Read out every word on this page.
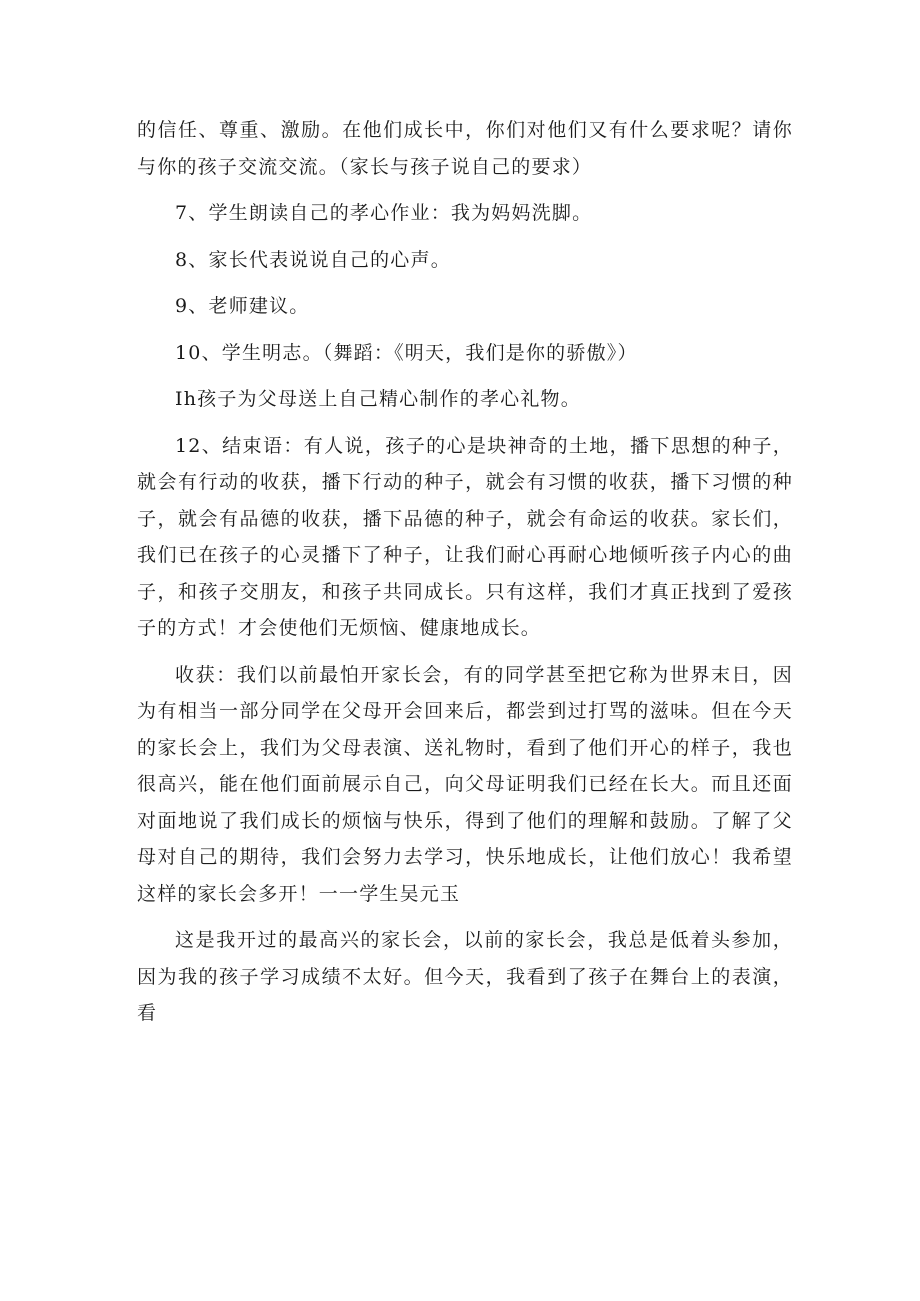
的信任、尊重、激励。在他们成长中，你们对他们又有什么要求呢？请你与你的孩子交流交流。（家长与孩子说自己的要求）

7、学生朗读自己的孝心作业：我为妈妈洗脚。

8、家长代表说说自己的心声。

9、老师建议。

10、学生明志。（舞蹈：《明天，我们是你的骄傲》）

Ih孩子为父母送上自己精心制作的孝心礼物。

12、结束语：有人说，孩子的心是块神奇的土地，播下思想的种子，就会有行动的收获，播下行动的种子，就会有习惯的收获，播下习惯的种子，就会有品德的收获，播下品德的种子，就会有命运的收获。家长们，我们已在孩子的心灵播下了种子，让我们耐心再耐心地倾听孩子内心的曲子，和孩子交朋友，和孩子共同成长。只有这样，我们才真正找到了爱孩子的方式！才会使他们无烦恼、健康地成长。

收获：我们以前最怕开家长会，有的同学甚至把它称为世界末日，因为有相当一部分同学在父母开会回来后，都尝到过打骂的滋味。但在今天的家长会上，我们为父母表演、送礼物时，看到了他们开心的样子，我也很高兴，能在他们面前展示自己，向父母证明我们已经在长大。而且还面对面地说了我们成长的烦恼与快乐，得到了他们的理解和鼓励。了解了父母对自己的期待，我们会努力去学习，快乐地成长，让他们放心！我希望这样的家长会多开！一一学生吴元玉

这是我开过的最高兴的家长会，以前的家长会，我总是低着头参加，因为我的孩子学习成绩不太好。但今天，我看到了孩子在舞台上的表演，看
